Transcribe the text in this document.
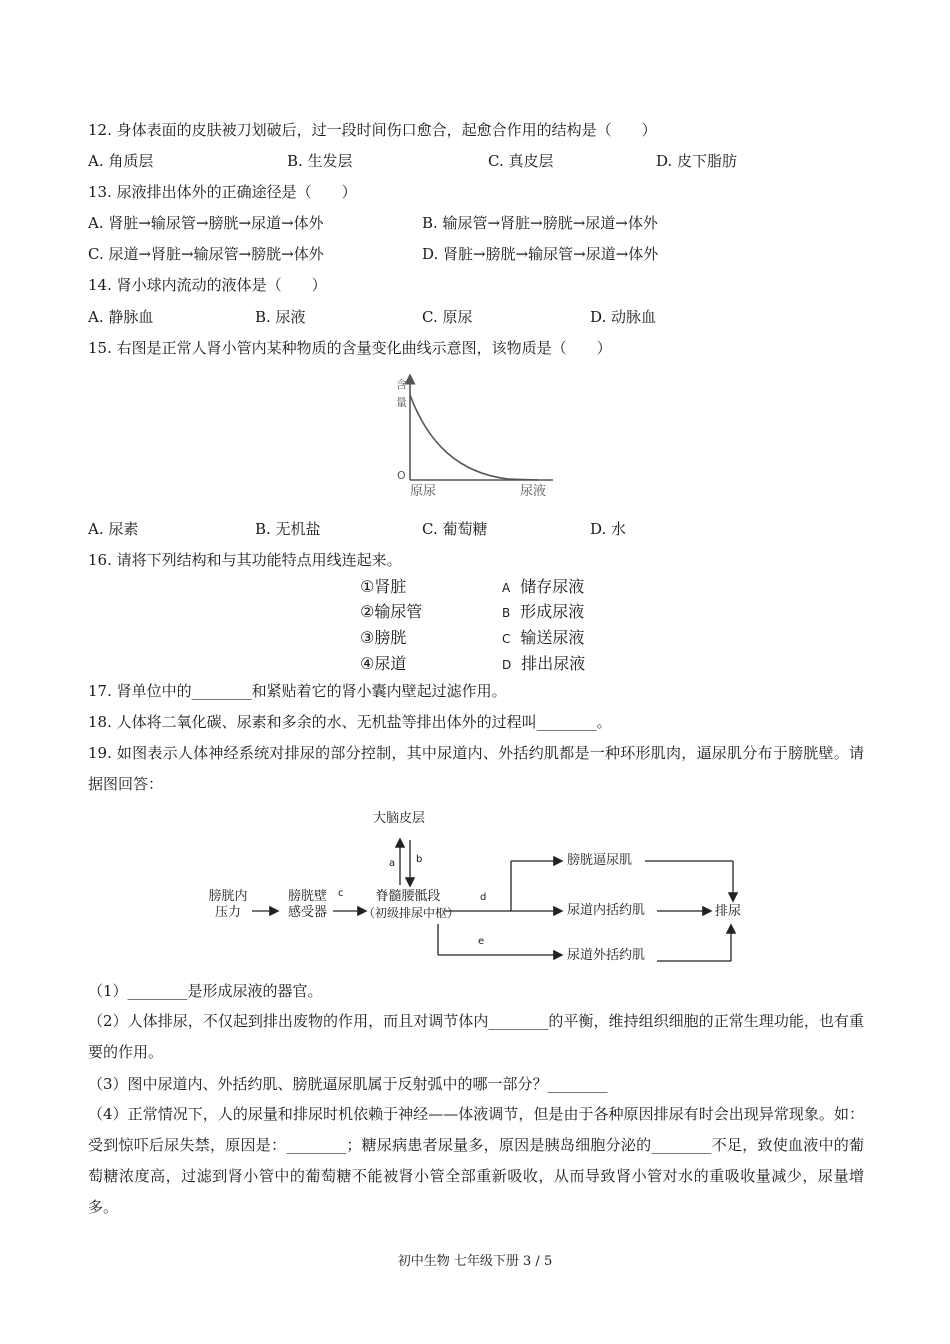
12. 身体表面的皮肤被刀划破后，过一段时间伤口愈合，起愈合作用的结构是（　　）
A. 角质层	B. 生发层	C. 真皮层	D. 皮下脂肪
13. 尿液排出体外的正确途径是（　　）
A. 肾脏→输尿管→膀胱→尿道→体外	B. 输尿管→肾脏→膀胱→尿道→体外
C. 尿道→肾脏→输尿管→膀胱→体外	D. 肾脏→膀胱→输尿管→尿道→体外
14. 肾小球内流动的液体是（　　）
A. 静脉血	B. 尿液	C. 原尿	D. 动脉血
15. 右图是正常人肾小管内某种物质的含量变化曲线示意图，该物质是（　　）
含
量
O
原尿	尿液
A. 尿素	B. 无机盐	C. 葡萄糖	D. 水
16. 请将下列结构和与其功能特点用线连起来。
①肾脏
②输尿管
③膀胱
④尿道
A 储存尿液
B 形成尿液
C 输送尿液
D 排出尿液
17. 肾单位中的________和紧贴着它的肾小囊内壁起过滤作用。
18. 人体将二氧化碳、尿素和多余的水、无机盐等排出体外的过程叫________。
19. 如图表示人体神经系统对排尿的部分控制，其中尿道内、外括约肌都是一种环形肌肉，逼尿肌分布于膀胱壁。请据图回答：
大脑皮层
a b
c	d
e
膀胱内
压力
膀胱壁
感受器
脊髓腰骶段
（初级排尿中枢）
膀胱逼尿肌
尿道内括约肌
尿道外括约肌
排尿
（1）________是形成尿液的器官。
（2）人体排尿，不仅起到排出废物的作用，而且对调节体内________的平衡，维持组织细胞的正常生理功能，也有重要的作用。
（3）图中尿道内、外括约肌、膀胱逼尿肌属于反射弧中的哪一部分？________
（4）正常情况下，人的尿量和排尿时机依赖于神经——体液调节，但是由于各种原因排尿有时会出现异常现象。如：受到惊吓后尿失禁，原因是：________；糖尿病患者尿量多，原因是胰岛细胞分泌的________不足，致使血液中的葡萄糖浓度高，过滤到肾小管中的葡萄糖不能被肾小管全部重新吸收，从而导致肾小管对水的重吸收量减少，尿量增多。
初中生物 七年级下册 3 / 5
